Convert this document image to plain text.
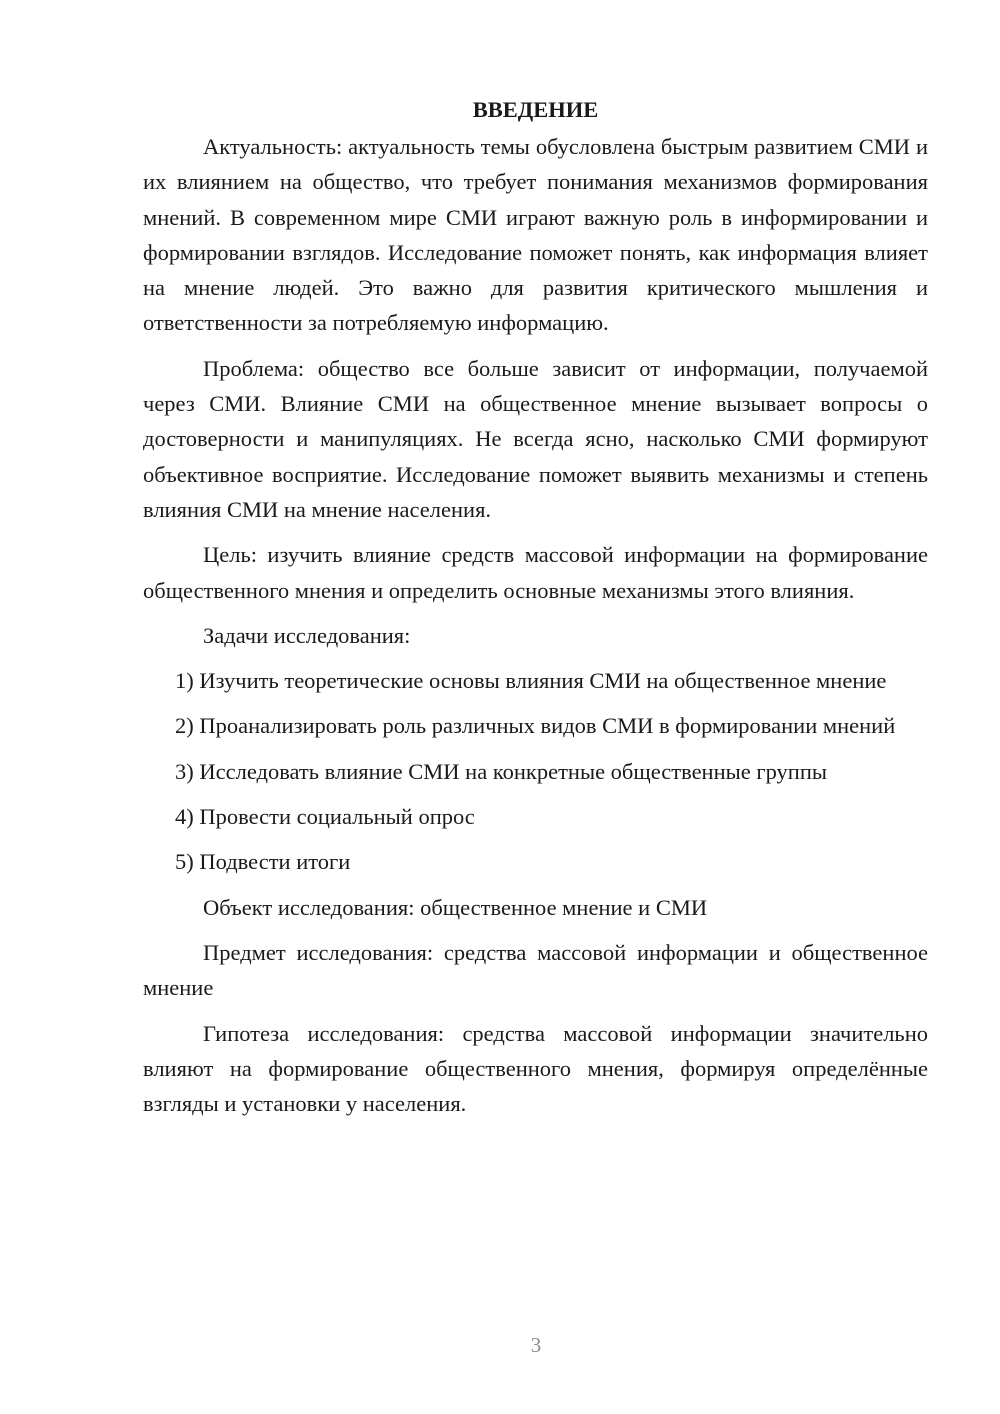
ВВЕДЕНИЕ

Актуальность: актуальность темы обусловлена быстрым развитием СМИ и их влиянием на общество, что требует понимания механизмов формирования мнений. В современном мире СМИ играют важную роль в информировании и формировании взглядов. Исследование поможет понять, как информация влияет на мнение людей. Это важно для развития критического мышления и ответственности за потребляемую информацию.

Проблема: общество все больше зависит от информации, получаемой через СМИ. Влияние СМИ на общественное мнение вызывает вопросы о достоверности и манипуляциях. Не всегда ясно, насколько СМИ формируют объективное восприятие. Исследование поможет выявить механизмы и степень влияния СМИ на мнение населения.

Цель: изучить влияние средств массовой информации на формирование общественного мнения и определить основные механизмы этого влияния.

Задачи исследования:

1) Изучить теоретические основы влияния СМИ на общественное мнение

2) Проанализировать роль различных видов СМИ в формировании мнений

3) Исследовать влияние СМИ на конкретные общественные группы

4) Провести социальный опрос

5) Подвести итоги

Объект исследования: общественное мнение и СМИ

Предмет исследования: средства массовой информации и общественное мнение

Гипотеза исследования: средства массовой информации значительно влияют на формирование общественного мнения, формируя определённые взгляды и установки у населения.

3
